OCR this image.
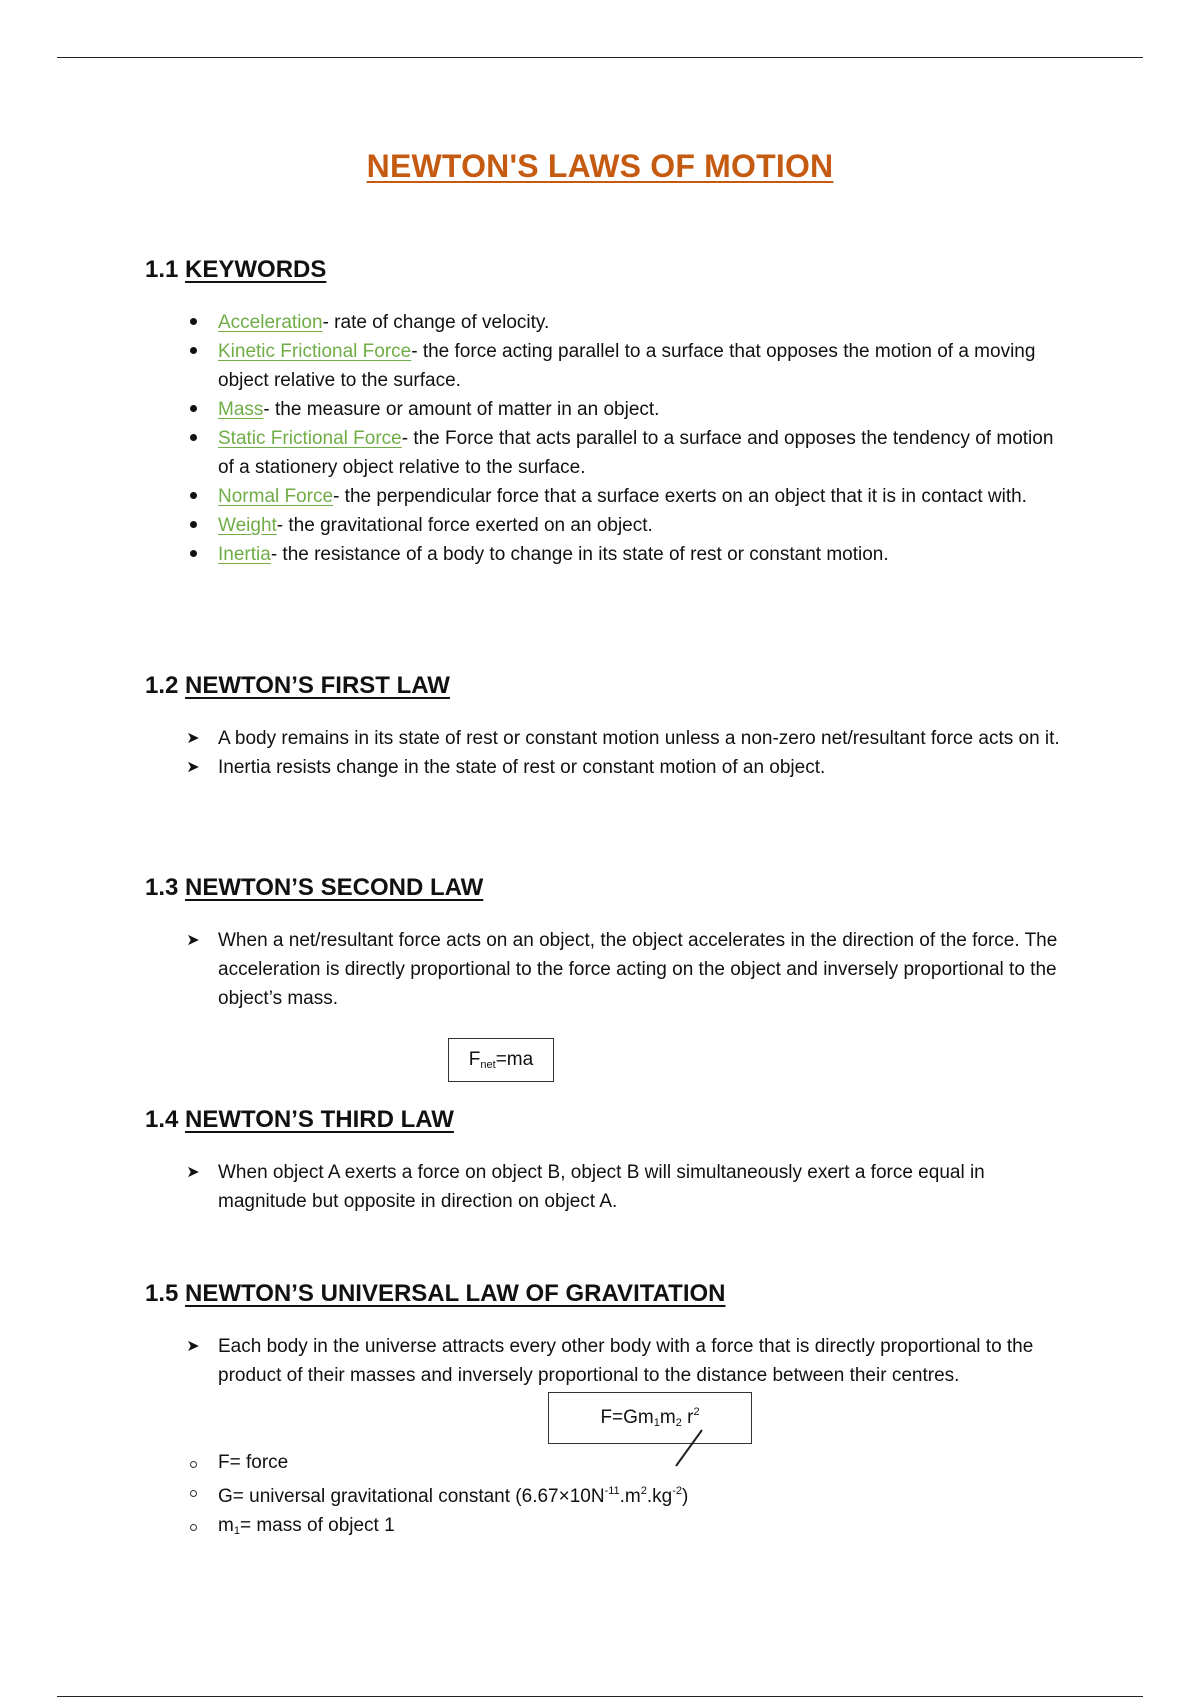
NEWTON'S LAWS OF MOTION
1.1 KEYWORDS
Acceleration- rate of change of velocity.
Kinetic Frictional Force- the force acting parallel to a surface that opposes the motion of a moving object relative to the surface.
Mass- the measure or amount of matter in an object.
Static Frictional Force- the Force that acts parallel to a surface and opposes the tendency of motion of a stationery object relative to the surface.
Normal Force- the perpendicular force that a surface exerts on an object that it is in contact with.
Weight- the gravitational force exerted on an object.
Inertia- the resistance of a body to change in its state of rest or constant motion.
1.2 NEWTON’S FIRST LAW
➤ A body remains in its state of rest or constant motion unless a non-zero net/resultant force acts on it.
➤ Inertia resists change in the state of rest or constant motion of an object.
1.3 NEWTON’S SECOND LAW
➤ When a net/resultant force acts on an object, the object accelerates in the direction of the force. The acceleration is directly proportional to the force acting on the object and inversely proportional to the object’s mass.
$F_{net}=ma$
1.4 NEWTON’S THIRD LAW
➤ When object A exerts a force on object B, object B will simultaneously exert a force equal in magnitude but opposite in direction on object A.
1.5 NEWTON’S UNIVERSAL LAW OF GRAVITATION
➤ Each body in the universe attracts every other body with a force that is directly proportional to the product of their masses and inversely proportional to the distance between their centres.
$F=Gm_1m_2$ $r^2$
F= force
G= universal gravitational constant $(6.67\times 10N^{-11}.m^2.kg^{-2})$
$m_1=$ mass of object 1
